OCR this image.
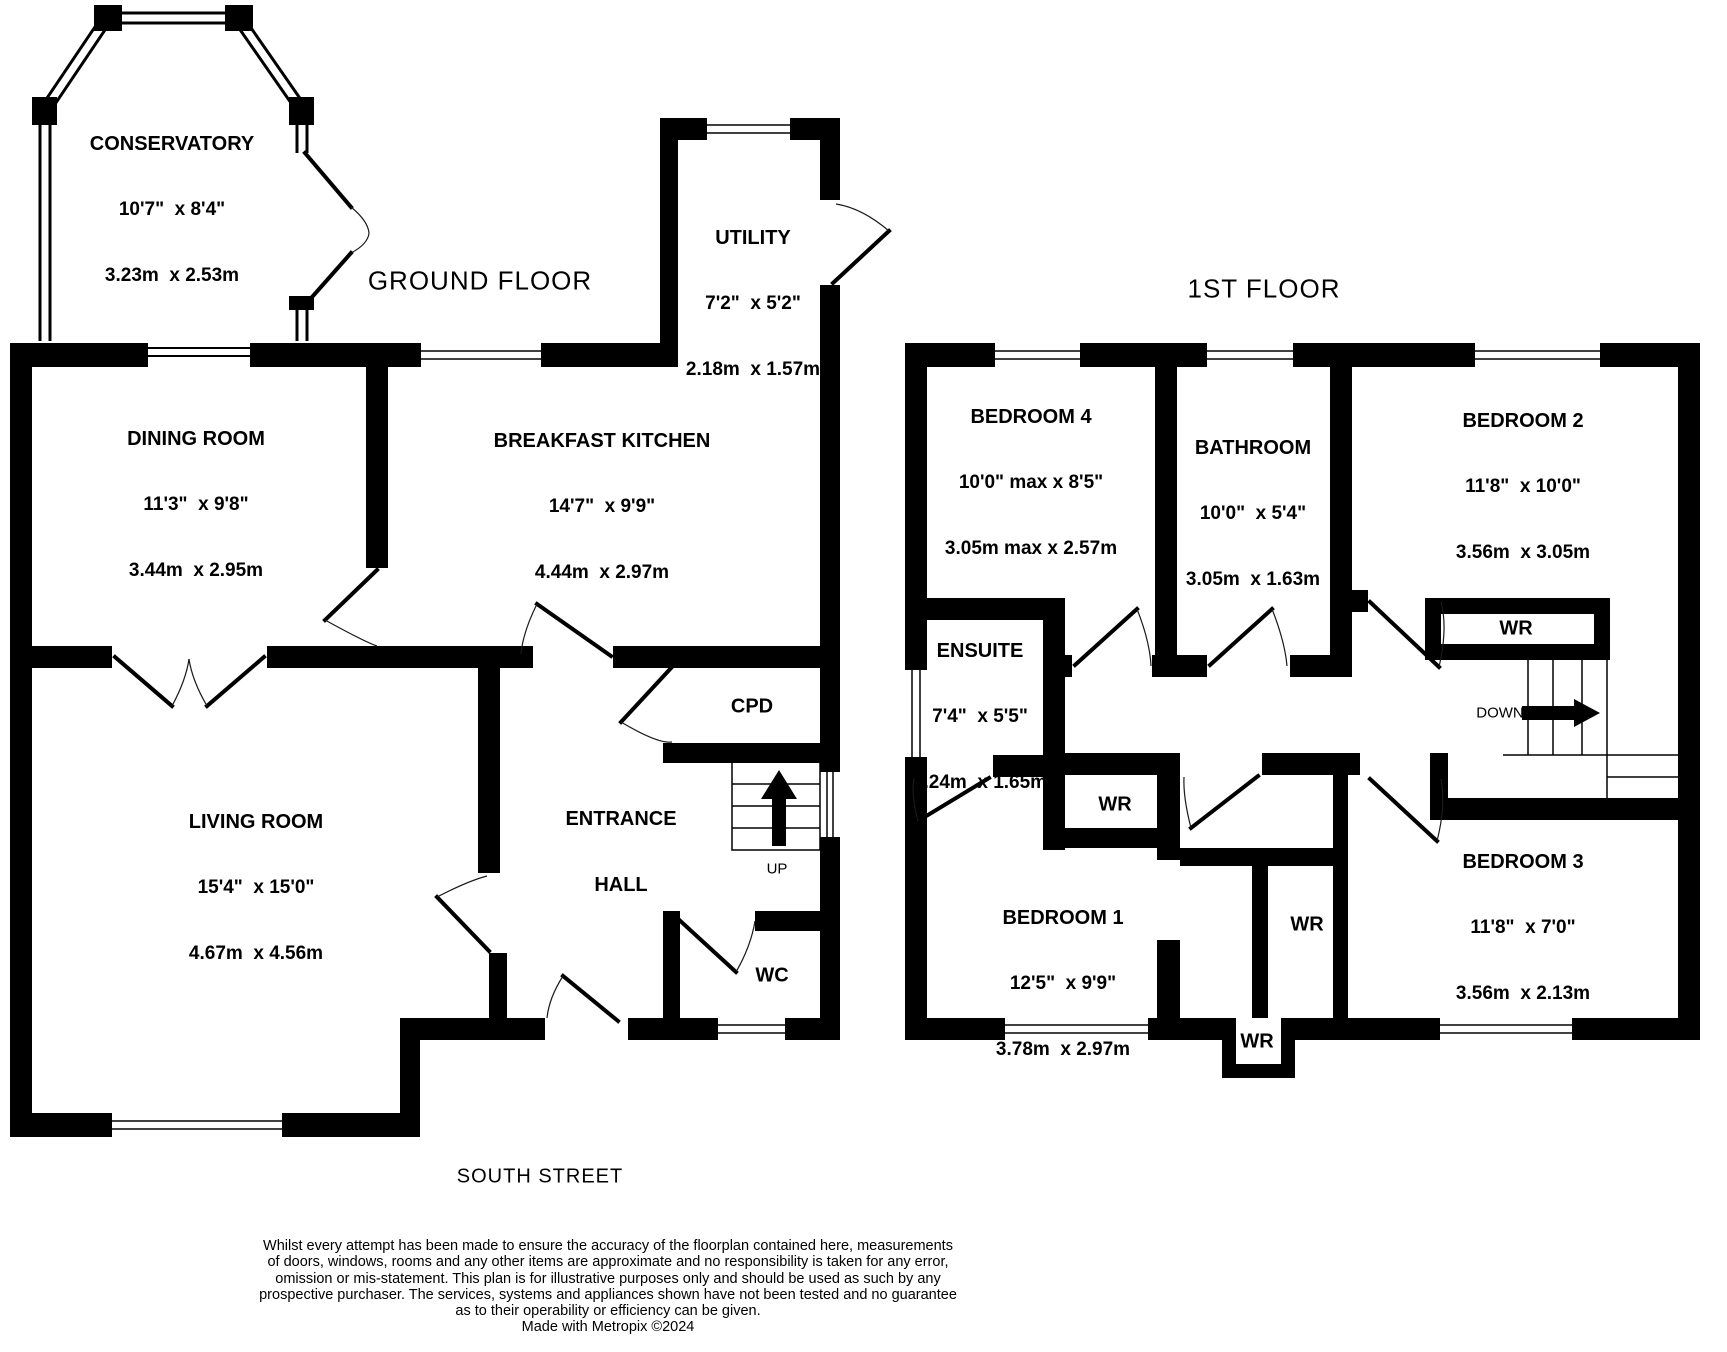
GROUND FLOOR	1ST FLOOR

CONSERVATORY

10'7"  x 8'4"

3.23m  x 2.53m

UTILITY

7'2"  x 5'2"

2.18m  x 1.57m

DINING ROOM

11'3"  x 9'8"

3.44m  x 2.95m

BREAKFAST KITCHEN

14'7"  x 9'9"

4.44m  x 2.97m

CPD

ENTRANCE

HALL

UP

LIVING ROOM

15'4"  x 15'0"

4.67m  x 4.56m

WC

BEDROOM 4

10'0" max x 8'5"

3.05m max x 2.57m

BATHROOM

10'0"  x 5'4"

3.05m  x 1.63m

BEDROOM 2

11'8"  x 10'0"

3.56m  x 3.05m

ENSUITE

7'4"  x 5'5"

2.24m  x 1.65m

WR
WR
DOWN

BEDROOM 1

12'5"  x 9'9"

3.78m  x 2.97m

WR
WR

BEDROOM 3

11'8"  x 7'0"

3.56m  x 2.13m

SOUTH STREET
Whilst every attempt has been made to ensure the accuracy of the floorplan contained here, measurements
of doors, windows, rooms and any other items are approximate and no responsibility is taken for any error,
omission or mis-statement. This plan is for illustrative purposes only and should be used as such by any
prospective purchaser. The services, systems and appliances shown have not been tested and no guarantee
as to their operability or efficiency can be given.
Made with Metropix ©2024
